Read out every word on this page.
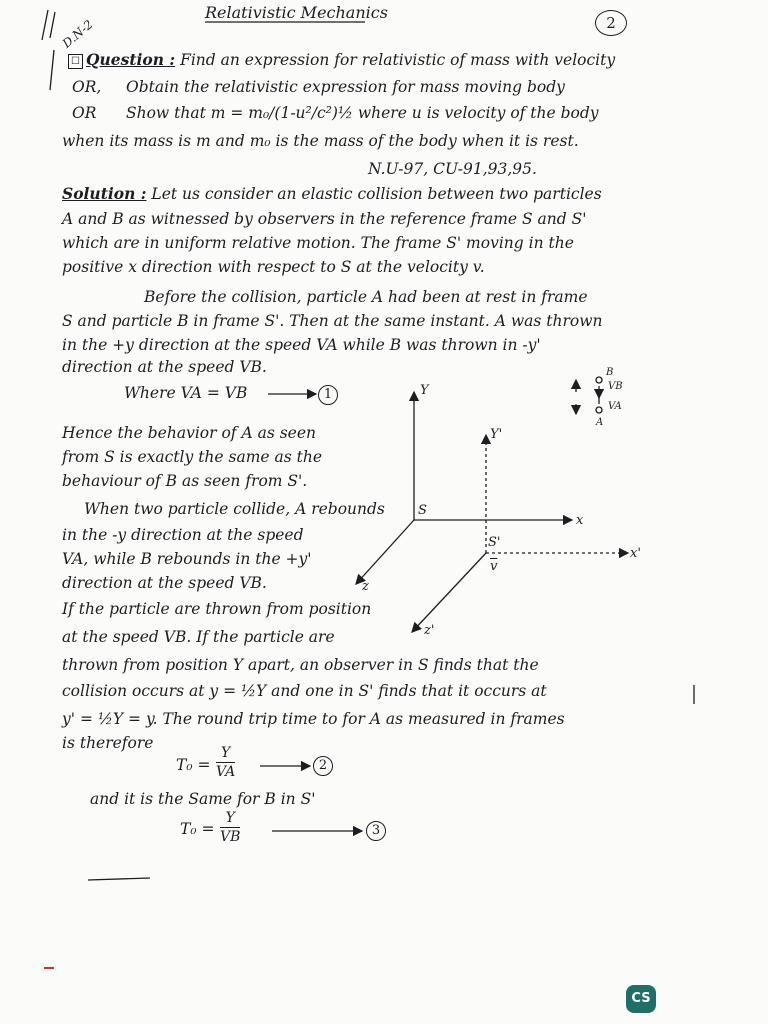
Relativistic Mechanics
D.N-2	2
☐ Question : Find an expression for relativistic of mass with velocity
OR, Obtain the relativistic expression for mass moving body
OR Show that m = m₀/(1-u²/c²)½ where u is velocity of the body
when its mass is m and m₀ is the mass of the body when it is rest.
N.U-97, CU-91,93,95.
Solution : Let us consider an elastic collision between two particles
A and B as witnessed by observers in the reference frame S and S'
which are in uniform relative motion. The frame S' moving in the
positive x direction with respect to S at the velocity v.
Before the collision, particle A had been at rest in frame
S and particle B in frame S'. Then at the same instant. A was thrown
in the +y direction at the speed VA while B was thrown in -y'
direction at the speed VB.
Where VA = VB	1
Hence the behavior of A as seen
from S is exactly the same as the
behaviour of B as seen from S'.
When two particle collide, A rebounds
in the -y direction at the speed
VA, while B rebounds in the +y'
direction at the speed VB.
If the particle are thrown from position
at the speed VB. If the particle are
Y
Y'
S
x
S'
$\overline{v}$
x'
z
z'
B
VB
VA
A
thrown from position Y apart, an observer in S finds that the
collision occurs at y = ½Y and one in S' finds that it occurs at
y' = ½Y = y. The round trip time to for A as measured in frames
is therefore
$T_0 = \frac{Y}{VA}$	2
and it is the Same for B in S'
$T_0 = \frac{Y}{VB}$	3
CS
